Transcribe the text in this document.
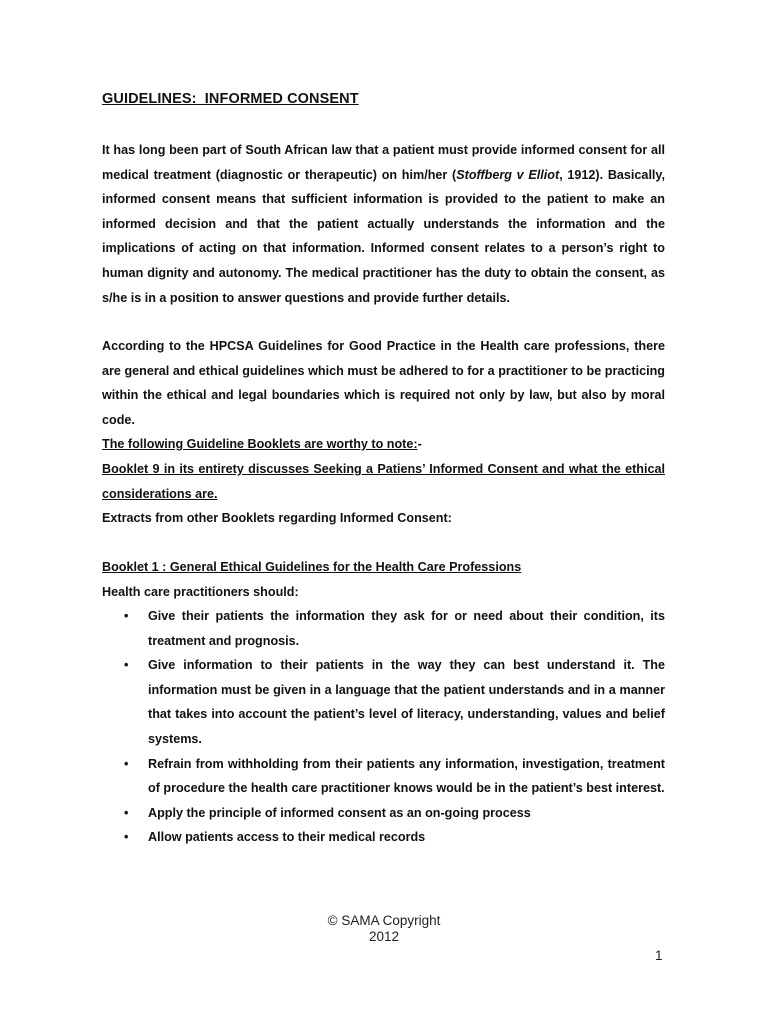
GUIDELINES:  INFORMED CONSENT

It has long been part of South African law that a patient must provide informed consent for all medical treatment (diagnostic or therapeutic) on him/her (Stoffberg v Elliot, 1912). Basically, informed consent means that sufficient information is provided to the patient to make an informed decision and that the patient actually understands the information and the implications of acting on that information. Informed consent relates to a person’s right to human dignity and autonomy. The medical practitioner has the duty to obtain the consent, as s/he is in a position to answer questions and provide further details.

According to the HPCSA Guidelines for Good Practice in the Health care professions, there are general and ethical guidelines which must be adhered to for a practitioner to be practicing within the ethical and legal boundaries which is required not only by law, but also by moral code.

The following Guideline Booklets are worthy to note:-

Booklet 9 in its entirety discusses Seeking a Patiens’ Informed Consent and what the ethical considerations are.

Extracts from other Booklets regarding Informed Consent:

Booklet 1 : General Ethical Guidelines for the Health Care Professions

Health care practitioners should:

• Give their patients the information they ask for or need about their condition, its treatment and prognosis.
• Give information to their patients in the way they can best understand it. The information must be given in a language that the patient understands and in a manner that takes into account the patient’s level of literacy, understanding, values and belief systems.
• Refrain from withholding from their patients any information, investigation, treatment of procedure the health care practitioner knows would be in the patient’s best interest.
• Apply the principle of informed consent as an on-going process
• Allow patients access to their medical records
© SAMA Copyright
2012
1
